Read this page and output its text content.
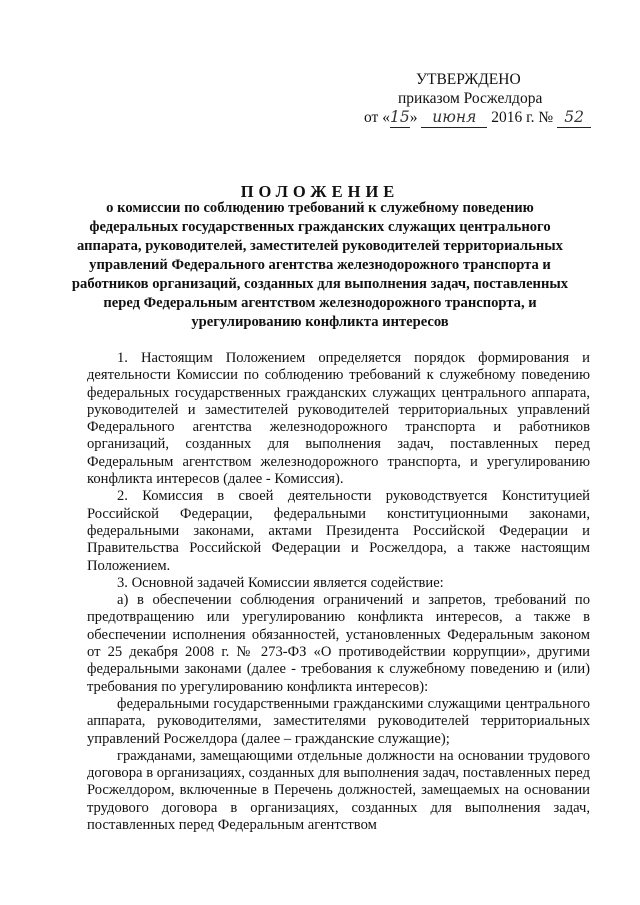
УТВЕРЖДЕНО
приказом Росжелдора
от «15» июня 2016 г. № 52
ПОЛОЖЕНИЕ
о комиссии по соблюдению требований к служебному поведению федеральных государственных гражданских служащих центрального аппарата, руководителей, заместителей руководителей территориальных управлений Федерального агентства железнодорожного транспорта и работников организаций, созданных для выполнения задач, поставленных перед Федеральным агентством железнодорожного транспорта, и урегулированию конфликта интересов

1. Настоящим Положением определяется порядок формирования и деятельности Комиссии по соблюдению требований к служебному поведению федеральных государственных гражданских служащих центрального аппарата, руководителей и заместителей руководителей территориальных управлений Федерального агентства железнодорожного транспорта и работников организаций, созданных для выполнения задач, поставленных перед Федеральным агентством железнодорожного транспорта, и урегулированию конфликта интересов (далее - Комиссия).

2. Комиссия в своей деятельности руководствуется Конституцией Российской Федерации, федеральными конституционными законами, федеральными законами, актами Президента Российской Федерации и Правительства Российской Федерации и Росжелдора, а также настоящим Положением.

3. Основной задачей Комиссии является содействие:

а) в обеспечении соблюдения ограничений и запретов, требований по предотвращению или урегулированию конфликта интересов, а также в обеспечении исполнения обязанностей, установленных Федеральным законом от 25 декабря 2008 г. № 273-ФЗ «О противодействии коррупции», другими федеральными законами (далее - требования к служебному поведению и (или) требования по урегулированию конфликта интересов):

федеральными государственными гражданскими служащими центрального аппарата, руководителями, заместителями руководителей территориальных управлений Росжелдора (далее – гражданские служащие);

гражданами, замещающими отдельные должности на основании трудового договора в организациях, созданных для выполнения задач, поставленных перед Росжелдором, включенные в Перечень должностей, замещаемых на основании трудового договора в организациях, созданных для выполнения задач, поставленных перед Федеральным агентством
